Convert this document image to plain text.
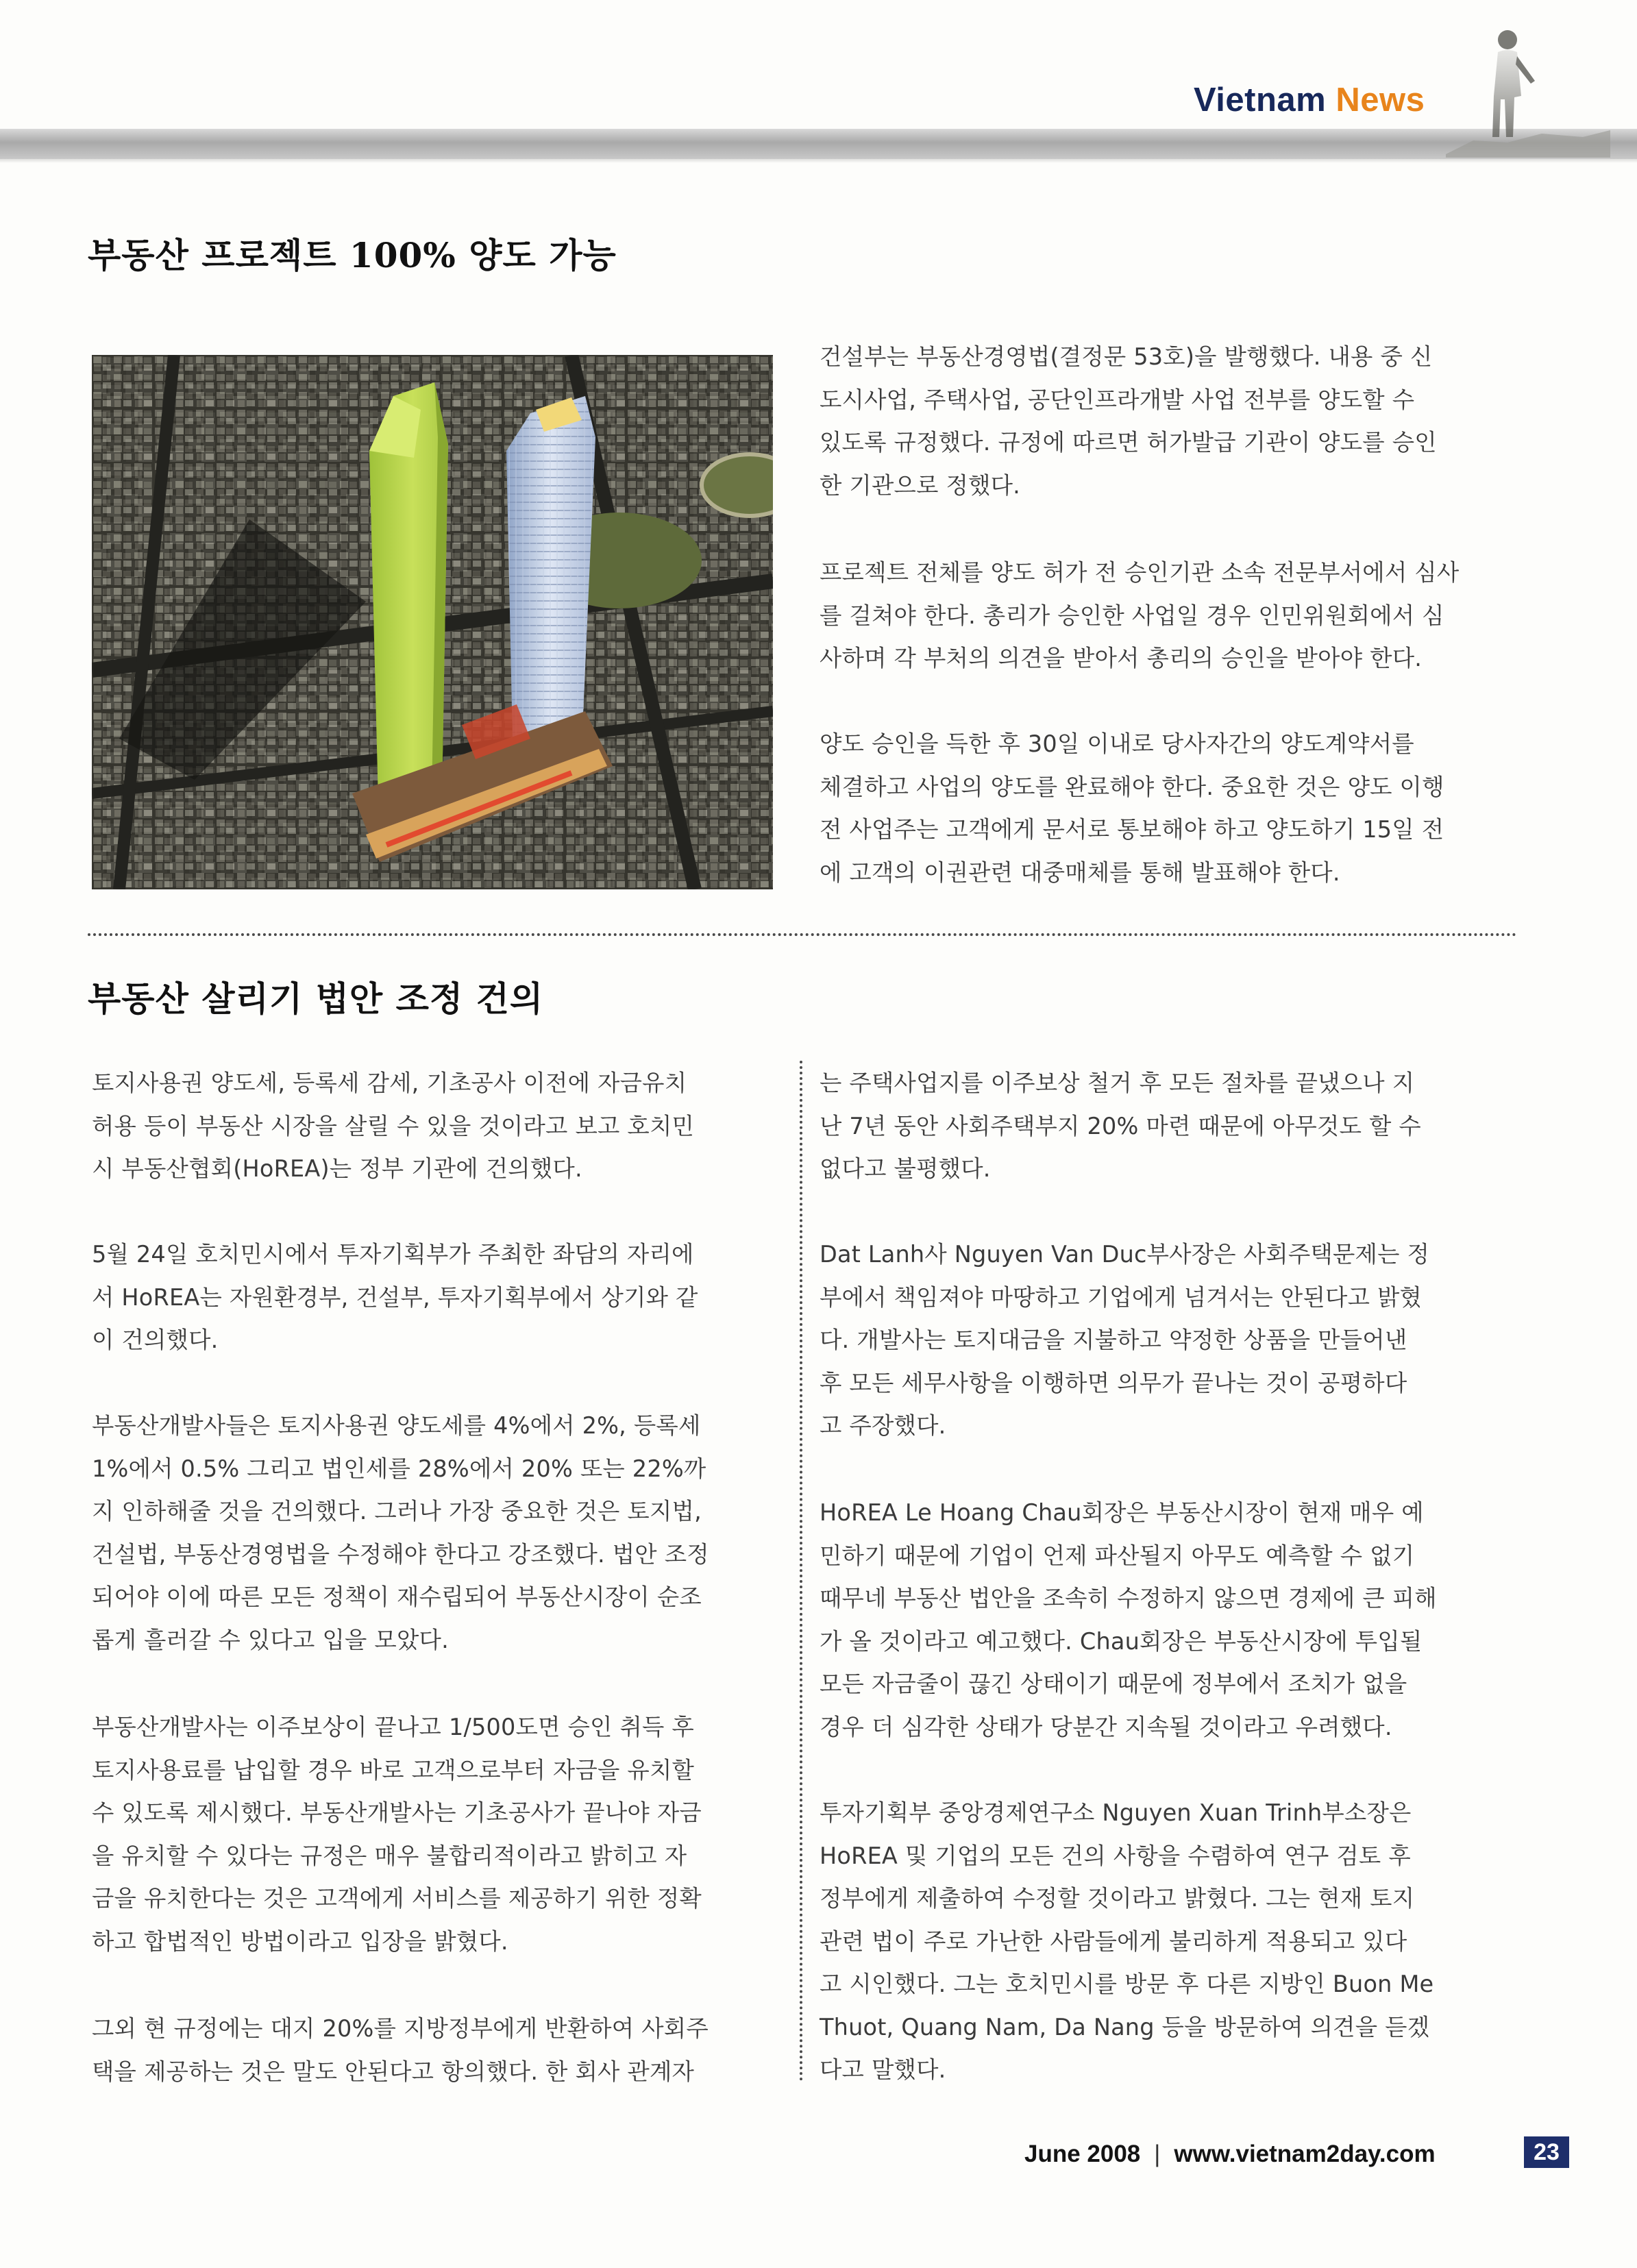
Vietnam News
부동산 프로젝트 100% 양도 가능

건설부는 부동산경영법(결정문 53호)을 발행했다. 내용 중 신
도시사업, 주택사업, 공단인프라개발 사업 전부를 양도할 수
있도록 규정했다. 규정에 따르면 허가발급 기관이 양도를 승인
한 기관으로 정했다.

프로젝트 전체를 양도 허가 전 승인기관 소속 전문부서에서 심사
를 걸쳐야 한다. 총리가 승인한 사업일 경우 인민위원회에서 심
사하며 각 부처의 의견을 받아서 총리의 승인을 받아야 한다.

양도 승인을 득한 후 30일 이내로 당사자간의 양도계약서를
체결하고 사업의 양도를 완료해야 한다. 중요한 것은 양도 이행
전 사업주는 고객에게 문서로 통보해야 하고 양도하기 15일 전
에 고객의 이권관련 대중매체를 통해 발표해야 한다.

부동산 살리기 법안 조정 건의

토지사용권 양도세, 등록세 감세, 기초공사 이전에 자금유치
허용 등이 부동산 시장을 살릴 수 있을 것이라고 보고 호치민
시 부동산협회(HoREA)는 정부 기관에 건의했다.

5월 24일 호치민시에서 투자기획부가 주최한 좌담의 자리에
서 HoREA는 자원환경부, 건설부, 투자기획부에서 상기와 같
이 건의했다.

부동산개발사들은 토지사용권 양도세를 4%에서 2%, 등록세
1%에서 0.5% 그리고 법인세를 28%에서 20% 또는 22%까
지 인하해줄 것을 건의했다. 그러나 가장 중요한 것은 토지법,
건설법, 부동산경영법을 수정해야 한다고 강조했다. 법안 조정
되어야 이에 따른 모든 정책이 재수립되어 부동산시장이 순조
롭게 흘러갈 수 있다고 입을 모았다.

부동산개발사는 이주보상이 끝나고 1/500도면 승인 취득 후
토지사용료를 납입할 경우 바로 고객으로부터 자금을 유치할
수 있도록 제시했다. 부동산개발사는 기초공사가 끝나야 자금
을 유치할 수 있다는 규정은 매우 불합리적이라고 밝히고 자
금을 유치한다는 것은 고객에게 서비스를 제공하기 위한 정확
하고 합법적인 방법이라고 입장을 밝혔다.

그외 현 규정에는 대지 20%를 지방정부에게 반환하여 사회주
택을 제공하는 것은 말도 안된다고 항의했다. 한 회사 관계자

는 주택사업지를 이주보상 철거 후 모든 절차를 끝냈으나 지
난 7년 동안 사회주택부지 20% 마련 때문에 아무것도 할 수
없다고 불평했다.

Dat Lanh사 Nguyen Van Duc부사장은 사회주택문제는 정
부에서 책임져야 마땅하고 기업에게 넘겨서는 안된다고 밝혔
다. 개발사는 토지대금을 지불하고 약정한 상품을 만들어낸
후 모든 세무사항을 이행하면 의무가 끝나는 것이 공평하다
고 주장했다.

HoREA Le Hoang Chau회장은 부동산시장이 현재 매우 예
민하기 때문에 기업이 언제 파산될지 아무도 예측할 수 없기
때무네 부동산 법안을 조속히 수정하지 않으면 경제에 큰 피해
가 올 것이라고 예고했다. Chau회장은 부동산시장에 투입될
모든 자금줄이 끊긴 상태이기 때문에 정부에서 조치가 없을
경우 더 심각한 상태가 당분간 지속될 것이라고 우려했다.

투자기획부 중앙경제연구소 Nguyen Xuan Trinh부소장은
HoREA 및 기업의 모든 건의 사항을 수렴하여 연구 검토 후
정부에게 제출하여 수정할 것이라고 밝혔다. 그는 현재 토지
관련 법이 주로 가난한 사람들에게 불리하게 적용되고 있다
고 시인했다. 그는 호치민시를 방문 후 다른 지방인 Buon Me
Thuot, Quang Nam, Da Nang 등을 방문하여 의견을 듣겠
다고 말했다.

June 2008 | www.vietnam2day.com	23
